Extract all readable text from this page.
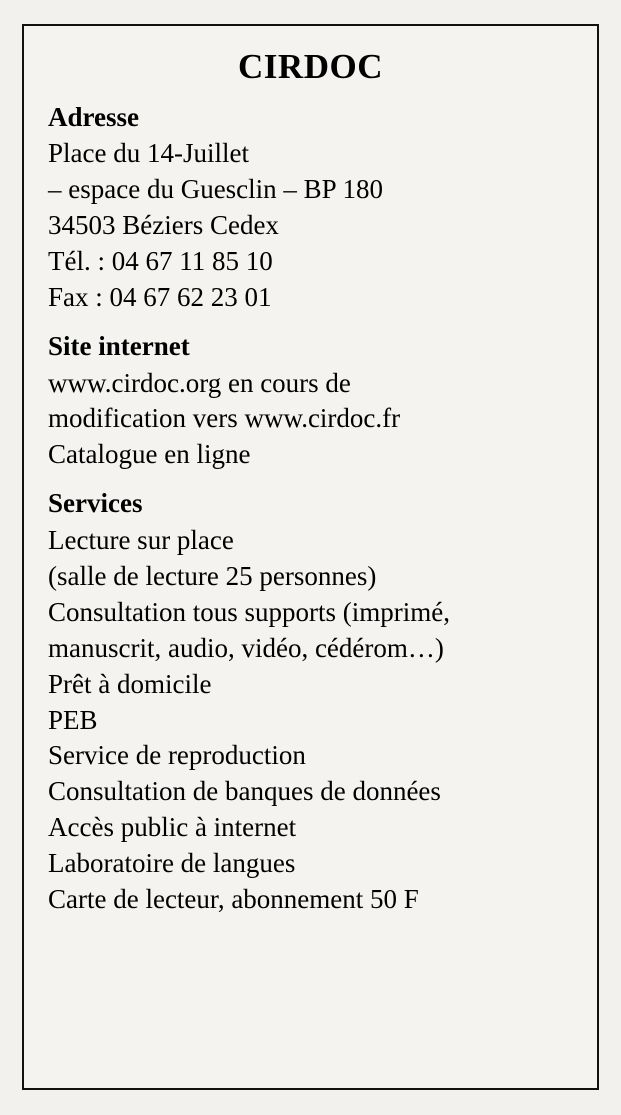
CIRDOC
Adresse
Place du 14-Juillet
– espace du Guesclin – BP 180
34503 Béziers Cedex
Tél. : 04 67 11 85 10
Fax : 04 67 62 23 01
Site internet
www.cirdoc.org en cours de
modification vers www.cirdoc.fr
Catalogue en ligne
Services
Lecture sur place
(salle de lecture 25 personnes)
Consultation tous supports (imprimé,
manuscrit, audio, vidéo, cédérom…)
Prêt à domicile
PEB
Service de reproduction
Consultation de banques de données
Accès public à internet
Laboratoire de langues
Carte de lecteur, abonnement 50 F
